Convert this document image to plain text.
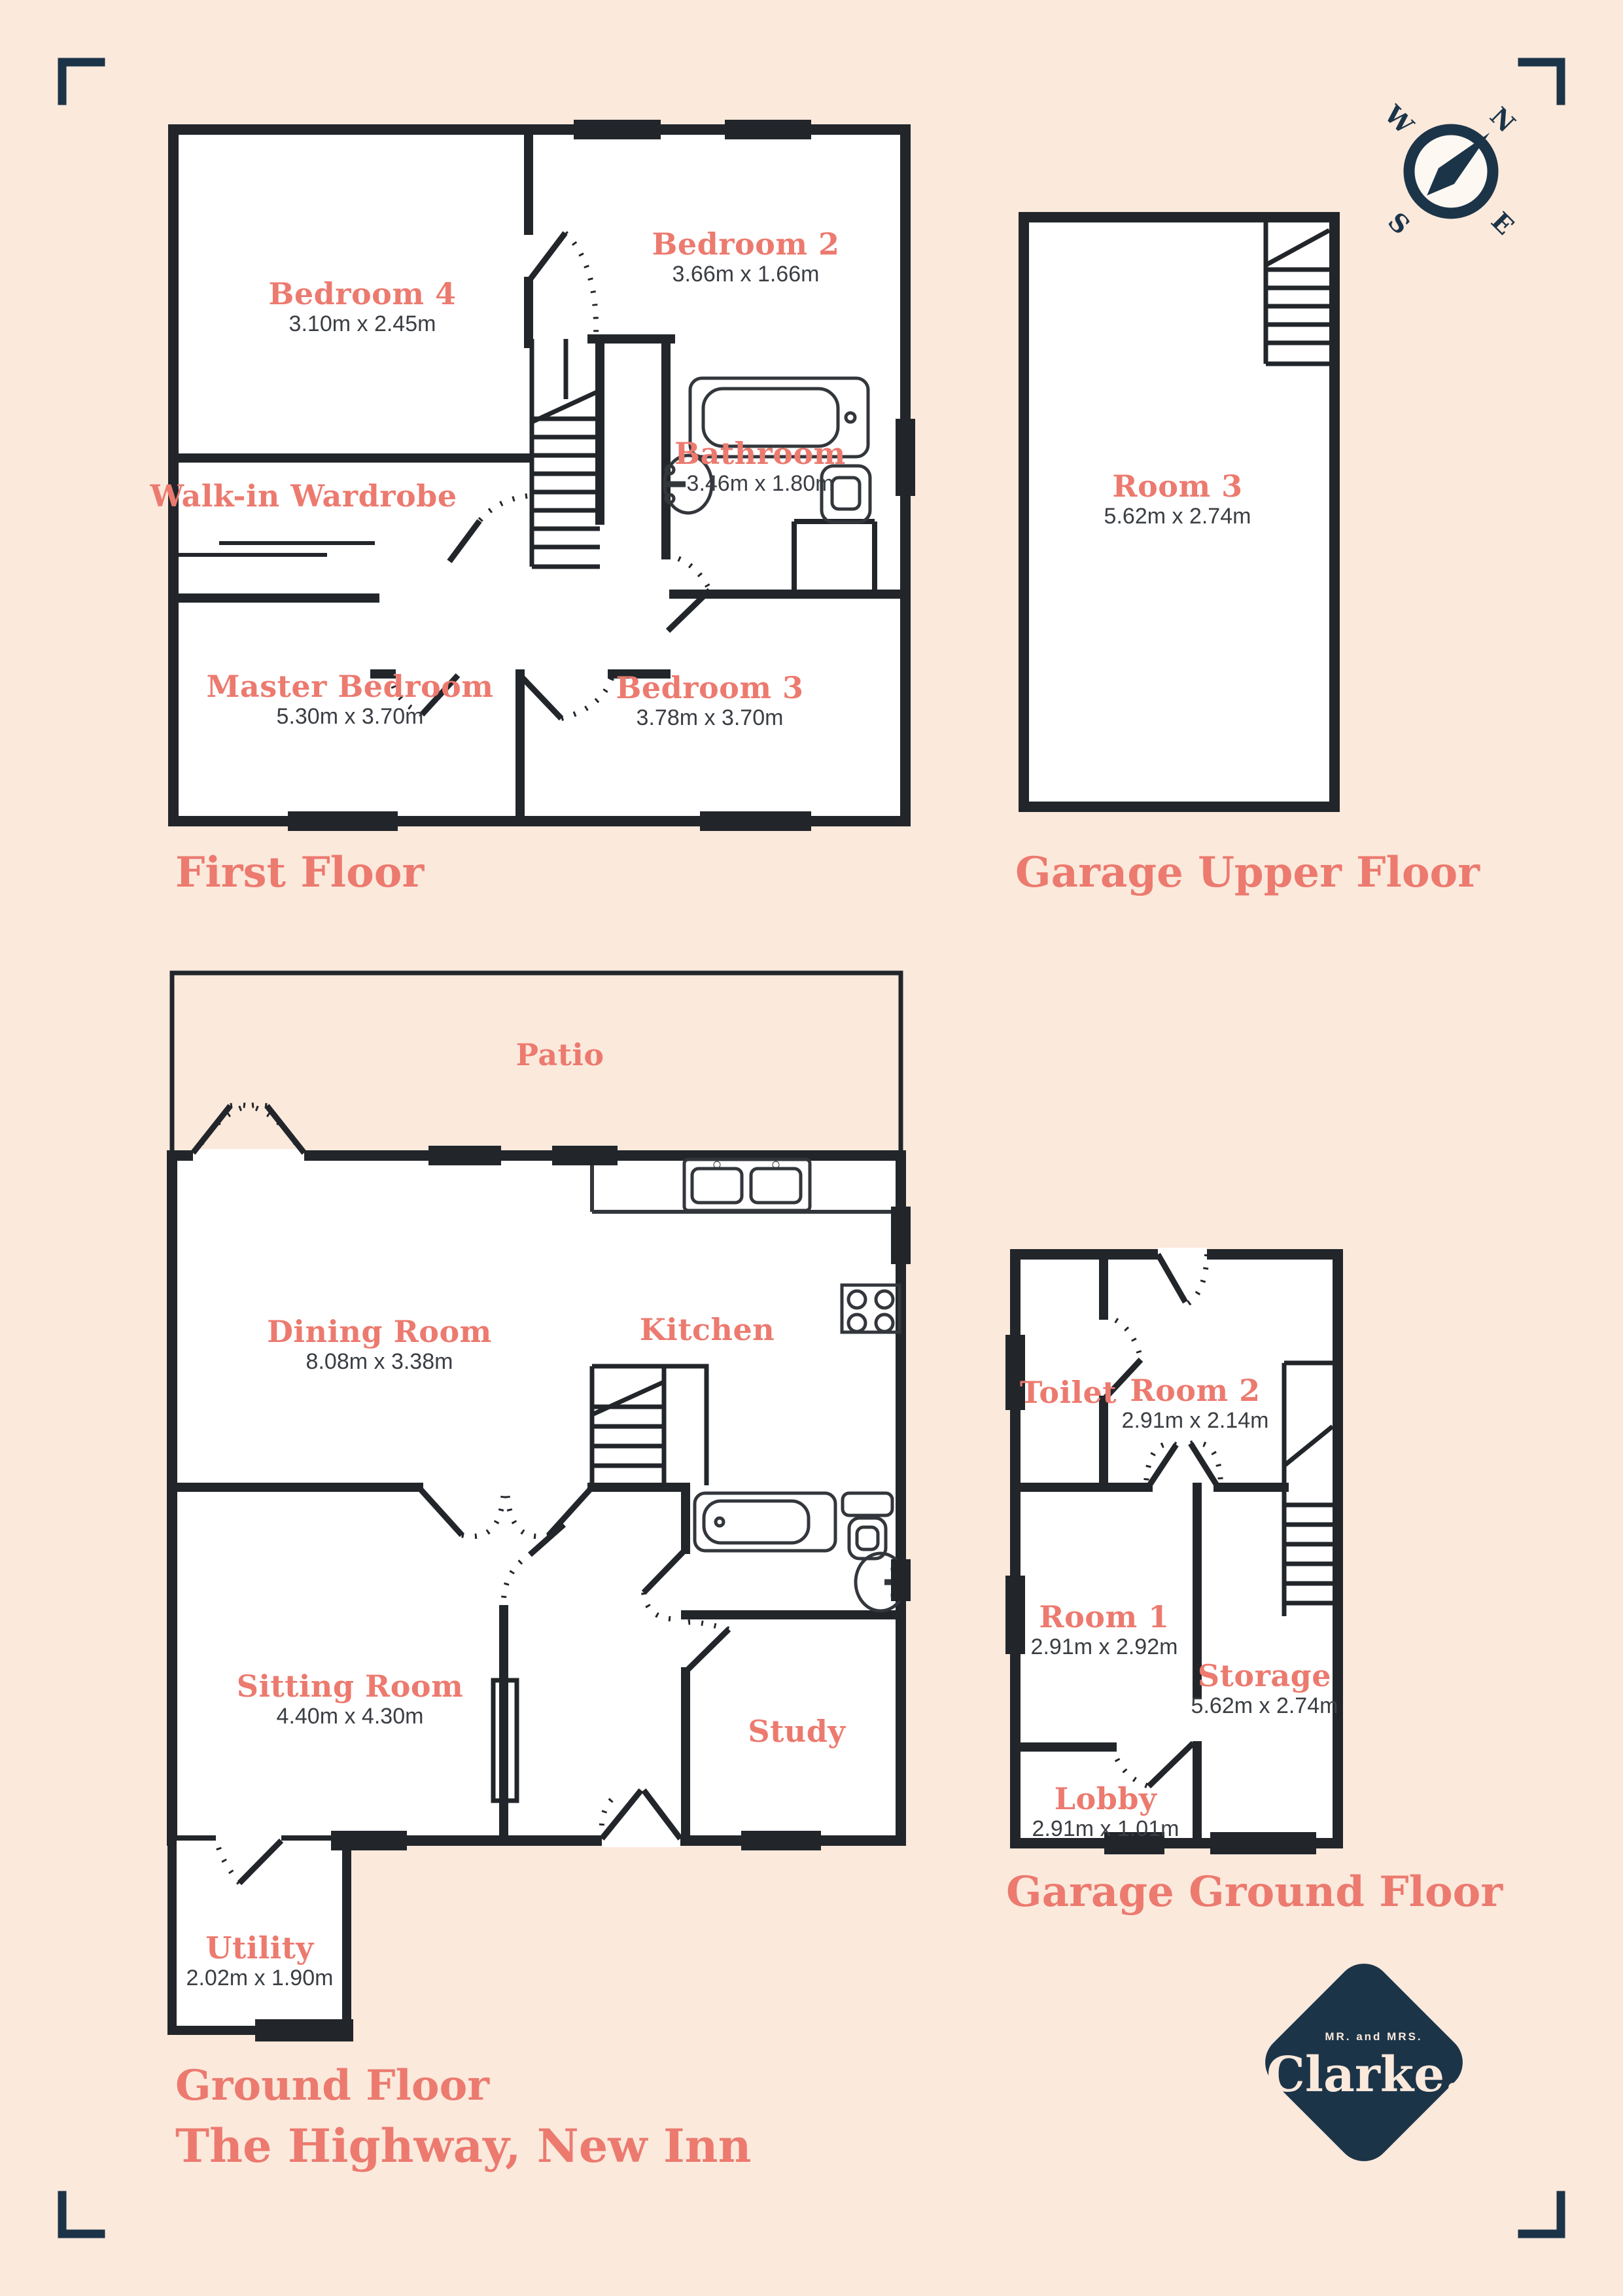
N
E
S
W
MR. and MRS.
Clarke.
Bedroom 4
3.10m x 2.45m
Bedroom 2
3.66m x 1.66m
Bathroom
3.46m x 1.80m
Walk-in Wardrobe
Master Bedroom
5.30m x 3.70m
Bedroom 3
3.78m x 3.70m
Room 3
5.62m x 2.74m
Patio
Dining Room
8.08m x 3.38m
Kitchen
Sitting Room
4.40m x 4.30m	Study
Utility
2.02m x 1.90m
Toilet Room 2
2.91m x 2.14m
Room 1
2.91m x 2.92m
Storage
5.62m x 2.74m
Lobby
2.91m x 1.01m
First Floor	Garage Upper Floor
Garage Ground Floor
Ground Floor
The Highway, New Inn
